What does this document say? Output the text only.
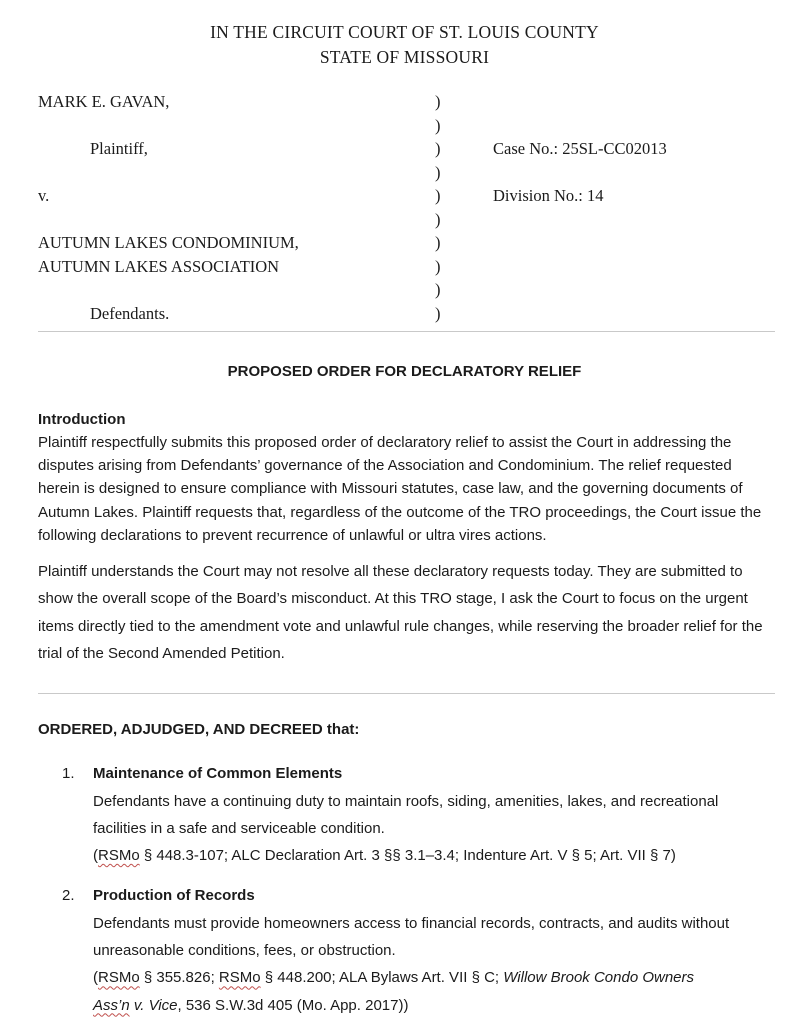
IN THE CIRCUIT COURT OF ST. LOUIS COUNTY
STATE OF MISSOURI
MARK E. GAVAN,	)
)
Plaintiff,	)	Case No.: 25SL-CC02013
)
v.	)	Division No.: 14
)
AUTUMN LAKES CONDOMINIUM,	)
AUTUMN LAKES ASSOCIATION	)
)
Defendants.	)
PROPOSED ORDER FOR DECLARATORY RELIEF
Introduction

Plaintiff respectfully submits this proposed order of declaratory relief to assist the Court in addressing the disputes arising from Defendants’ governance of the Association and Condominium. The relief requested herein is designed to ensure compliance with Missouri statutes, case law, and the governing documents of Autumn Lakes. Plaintiff requests that, regardless of the outcome of the TRO proceedings, the Court issue the following declarations to prevent recurrence of unlawful or ultra vires actions.

Plaintiff understands the Court may not resolve all these declaratory requests today. They are submitted to show the overall scope of the Board’s misconduct. At this TRO stage, I ask the Court to focus on the urgent items directly tied to the amendment vote and unlawful rule changes, while reserving the broader relief for the trial of the Second Amended Petition.

ORDERED, ADJUDGED, AND DECREED that:
1.	Maintenance of Common Elements
Defendants have a continuing duty to maintain roofs, siding, amenities, lakes, and recreational facilities in a safe and serviceable condition.
(RSMo § 448.3-107; ALC Declaration Art. 3 §§ 3.1–3.4; Indenture Art. V § 5; Art. VII § 7)
2.	Production of Records
Defendants must provide homeowners access to financial records, contracts, and audits without unreasonable conditions, fees, or obstruction.
(RSMo § 355.826; RSMo § 448.200; ALA Bylaws Art. VII § C; Willow Brook Condo Owners
Ass’n v. Vice, 536 S.W.3d 405 (Mo. App. 2017))
